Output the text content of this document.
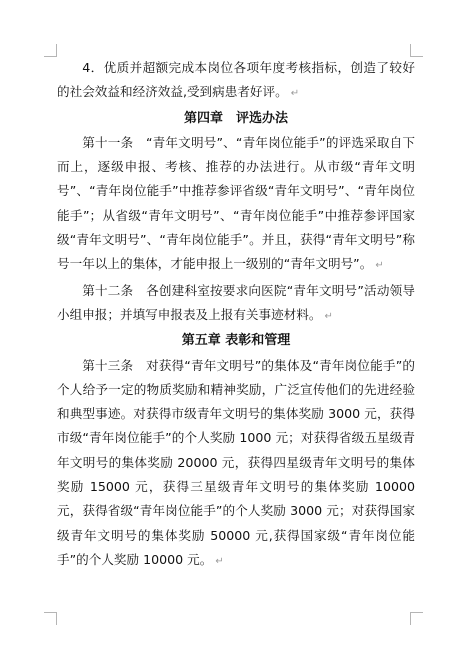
4．优质并超额完成本岗位各项年度考核指标，创造了较好的社会效益和经济效益,受到病患者好评。 ↵

第四章　评选办法

第十一条　“青年文明号”、“青年岗位能手”的评选采取自下而上，逐级申报、考核、推荐的办法进行。从市级“青年文明号”、“青年岗位能手”中推荐参评省级“青年文明号”、“青年岗位能手”；从省级“青年文明号”、“青年岗位能手”中推荐参评国家级“青年文明号”、“青年岗位能手”。并且，获得“青年文明号”称号一年以上的集体，才能申报上一级别的“青年文明号”。 ↵

第十二条　各创建科室按要求向医院“青年文明号”活动领导小组申报；并填写申报表及上报有关事迹材料。 ↵

第五章 表彰和管理

第十三条　对获得“青年文明号”的集体及“青年岗位能手”的个人给予一定的物质奖励和精神奖励，广泛宣传他们的先进经验和典型事迹。对获得市级青年文明号的集体奖励 3000 元，获得市级“青年岗位能手”的个人奖励 1000 元；对获得省级五星级青年文明号的集体奖励 20000 元，获得四星级青年文明号的集体奖励 15000 元，获得三星级青年文明号的集体奖励 10000 元，获得省级“青年岗位能手”的个人奖励 3000 元；对获得国家级青年文明号的集体奖励 50000 元,获得国家级“青年岗位能手”的个人奖励 10000 元。 ↵
